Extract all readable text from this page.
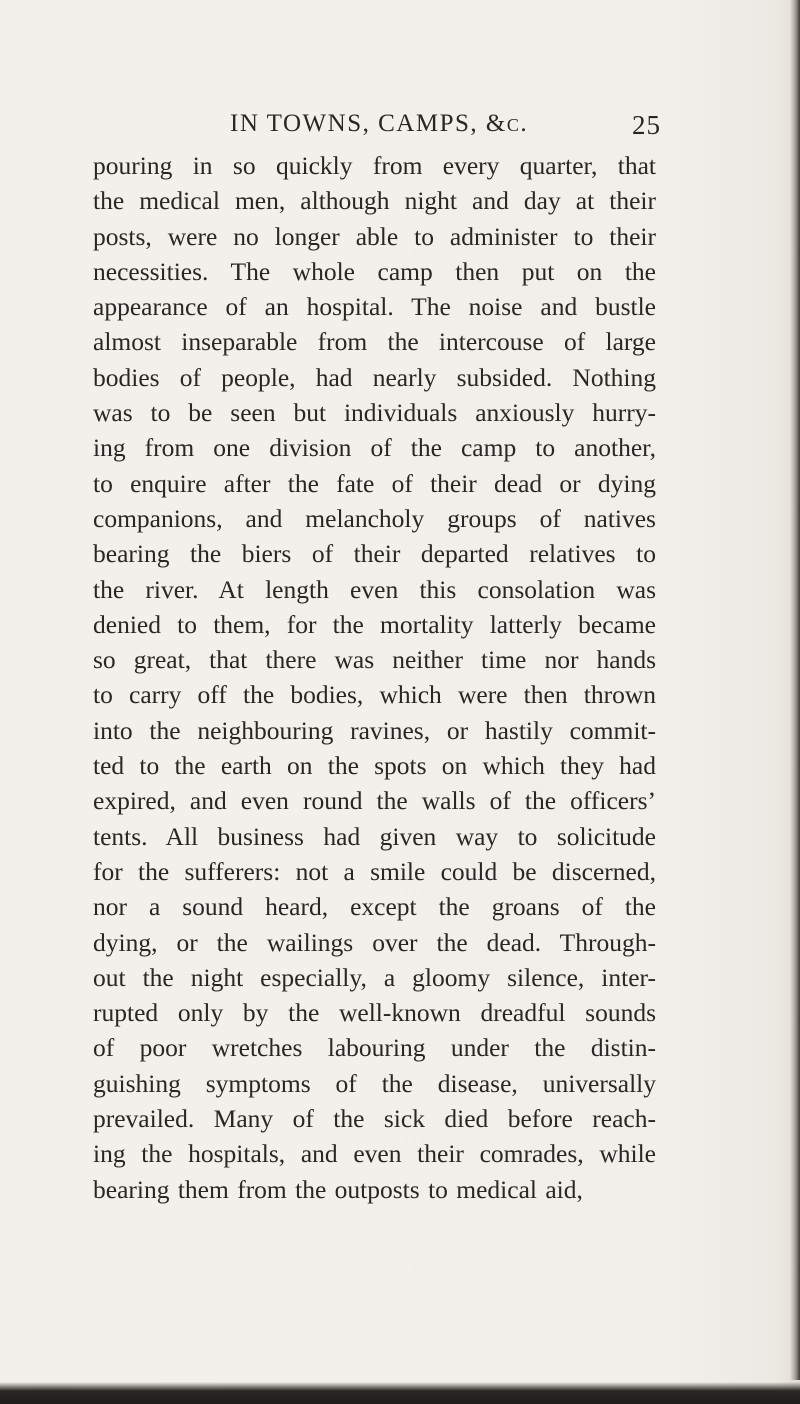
IN TOWNS, CAMPS, &c.	25
pouring in so quickly from every quarter, that
the medical men, although night and day at their
posts, were no longer able to administer to their
necessities. The whole camp then put on the
appearance of an hospital. The noise and bustle
almost inseparable from the intercouse of large
bodies of people, had nearly subsided. Nothing
was to be seen but individuals anxiously hurry-
ing from one division of the camp to another,
to enquire after the fate of their dead or dying
companions, and melancholy groups of natives
bearing the biers of their departed relatives to
the river. At length even this consolation was
denied to them, for the mortality latterly became
so great, that there was neither time nor hands
to carry off the bodies, which were then thrown
into the neighbouring ravines, or hastily commit-
ted to the earth on the spots on which they had
expired, and even round the walls of the officers’
tents. All business had given way to solicitude
for the sufferers: not a smile could be discerned,
nor a sound heard, except the groans of the
dying, or the wailings over the dead. Through-
out the night especially, a gloomy silence, inter-
rupted only by the well-known dreadful sounds
of poor wretches labouring under the distin-
guishing symptoms of the disease, universally
prevailed. Many of the sick died before reach-
ing the hospitals, and even their comrades, while
bearing them from the outposts to medical aid,
